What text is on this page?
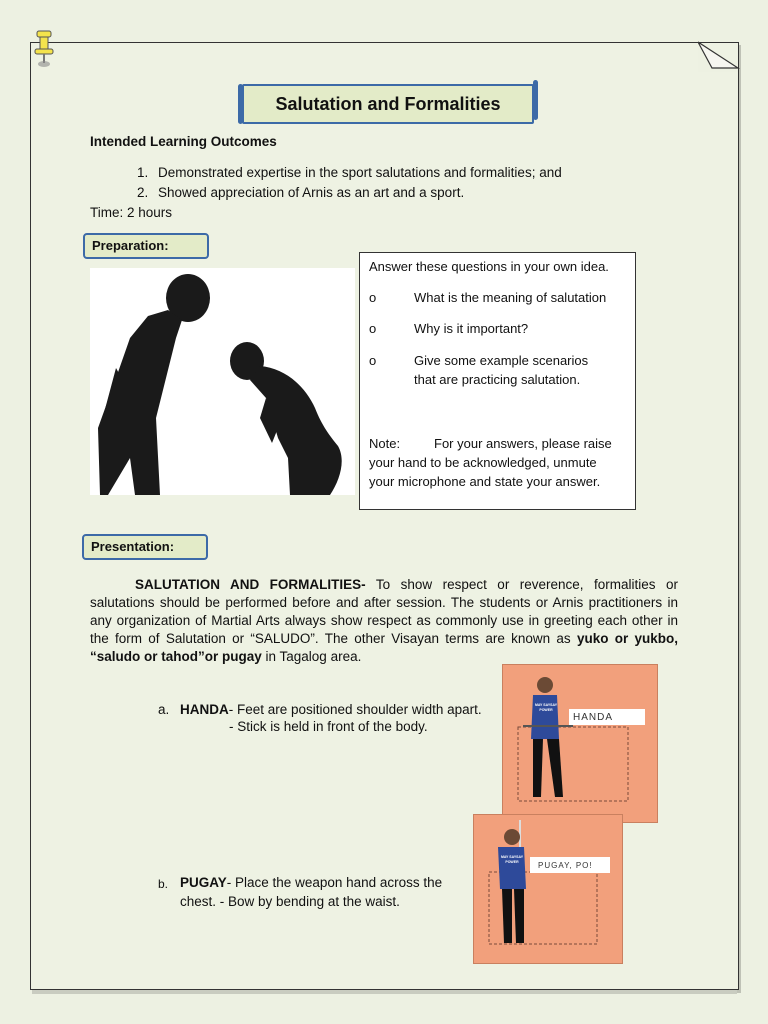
Salutation and Formalities
Intended Learning Outcomes
1. Demonstrated expertise in the sport salutations and formalities; and
2. Showed appreciation of Arnis as an art and a sport.
Time: 2 hours
Preparation:
Answer these questions in your own idea.
o	What is the meaning of salutation
o	Why is it important?
o	Give some example scenarios
that are practicing salutation.
Note:	For your answers, please raise
your hand to be acknowledged, unmute
your microphone and state your answer.
Presentation:
SALUTATION AND FORMALITIES- To show respect or reverence, formalities or salutations should be performed before and after session. The students or Arnis practitioners in any organization of Martial Arts always show respect as commonly use in greeting each other in the form of Salutation or “SALUDO”. The other Visayan terms are known as yuko or yukbo, “saludo or tahod”or pugay in Tagalog area.
a. HANDA- Feet are positioned shoulder width apart.
- Stick is held in front of the body.
b. PUGAY- Place the weapon hand across the
chest. - Bow by bending at the waist.
HANDA
MAY SAYSAY POWER
PUGAY, PO!
MAY SAYSAY POWER
